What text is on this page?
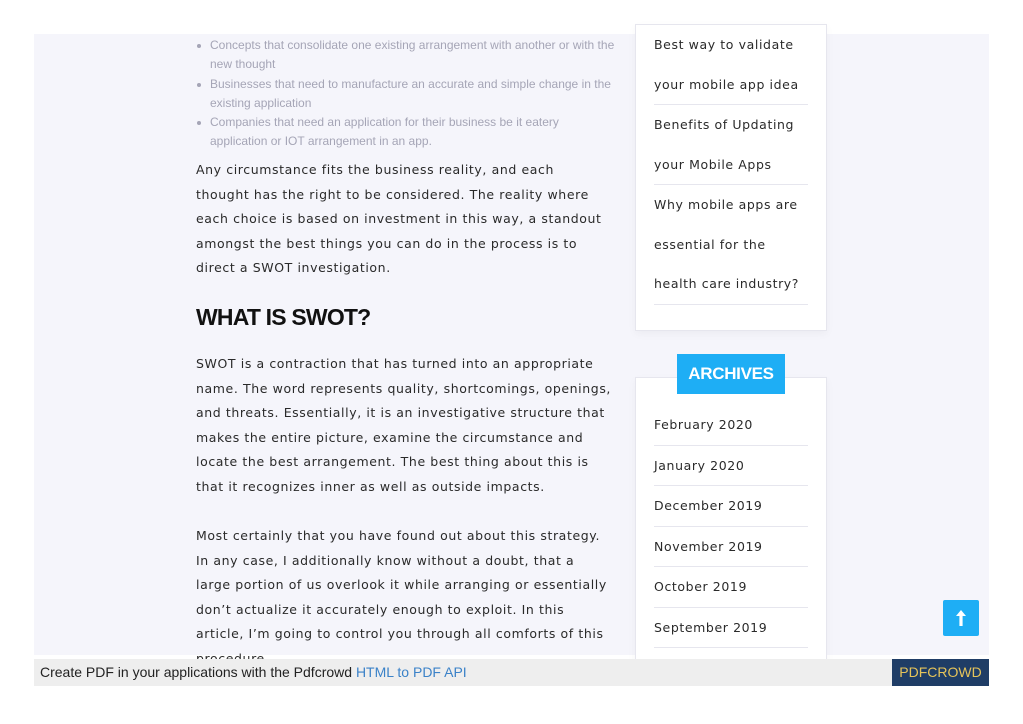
Concepts that consolidate one existing arrangement with another or with the new thought
Businesses that need to manufacture an accurate and simple change in the existing application
Companies that need an application for their business be it eatery application or IOT arrangement in an app.

Any circumstance fits the business reality, and each thought has the right to be considered. The reality where each choice is based on investment in this way, a standout amongst the best things you can do in the process is to direct a SWOT investigation.

WHAT IS SWOT?

SWOT is a contraction that has turned into an appropriate name. The word represents quality, shortcomings, openings, and threats. Essentially, it is an investigative structure that makes the entire picture, examine the circumstance and locate the best arrangement. The best thing about this is that it recognizes inner as well as outside impacts.

Most certainly that you have found out about this strategy. In any case, I additionally know without a doubt, that a large portion of us overlook it while arranging or essentially don’t actualize it accurately enough to exploit. In this article, I’m going to control you through all comforts of this

Best way to validate your mobile app idea
Benefits of Updating your Mobile Apps
Why mobile apps are essential for the health care industry?
February 2020
January 2020
December 2019
November 2019
October 2019
September 2019
ARCHIVES
Create PDF in your applications with the Pdfcrowd HTML to PDF API	PDFCROWD
